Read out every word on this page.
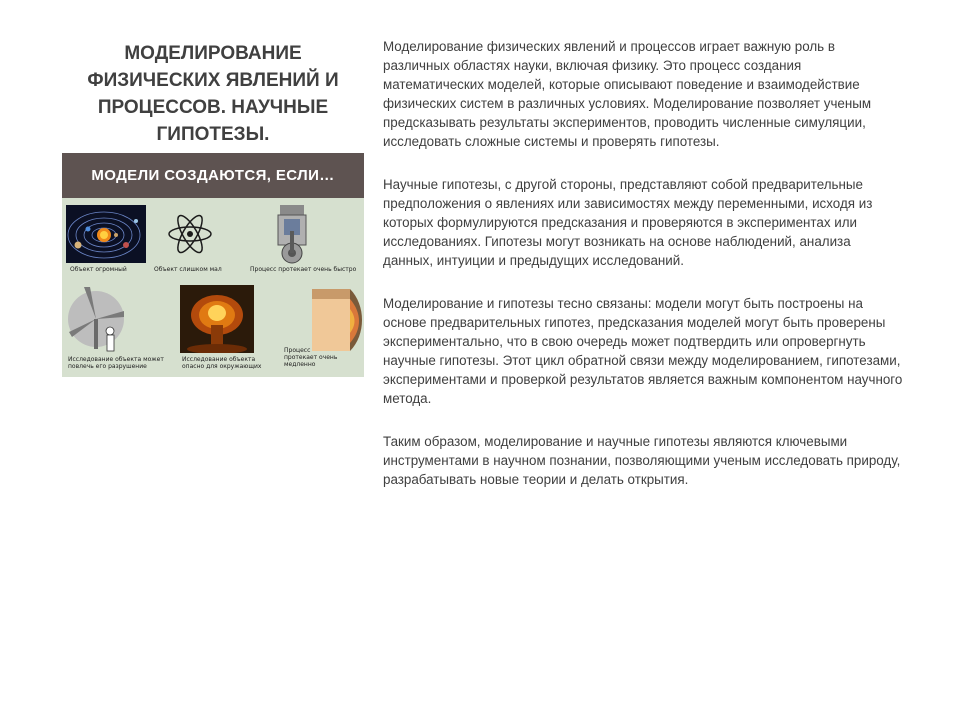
МОДЕЛИРОВАНИЕ ФИЗИЧЕСКИХ ЯВЛЕНИЙ И ПРОЦЕССОВ. НАУЧНЫЕ ГИПОТЕЗЫ.
МОДЕЛИ СОЗДАЮТСЯ, ЕСЛИ…
Объект огромный	Объект слишком мал	Процесс протекает очень быстро
Исследование объекта может повлечь его разрушение
Исследование объекта опасно для окружающих
Процесс протекает очень медленно

Моделирование физических явлений и процессов играет важную роль в различных областях науки, включая физику. Это процесс создания математических моделей, которые описывают поведение и взаимодействие физических систем в различных условиях. Моделирование позволяет ученым предсказывать результаты экспериментов, проводить численные симуляции, исследовать сложные системы и проверять гипотезы.

Научные гипотезы, с другой стороны, представляют собой предварительные предположения о явлениях или зависимостях между переменными, исходя из которых формулируются предсказания и проверяются в экспериментах или исследованиях. Гипотезы могут возникать на основе наблюдений, анализа данных, интуиции и предыдущих исследований.

Моделирование и гипотезы тесно связаны: модели могут быть построены на основе предварительных гипотез, предсказания моделей могут быть проверены экспериментально, что в свою очередь может подтвердить или опровергнуть научные гипотезы. Этот цикл обратной связи между моделированием, гипотезами, экспериментами и проверкой результатов является важным компонентом научного метода.

Таким образом, моделирование и научные гипотезы являются ключевыми инструментами в научном познании, позволяющими ученым исследовать природу, разрабатывать новые теории и делать открытия.
